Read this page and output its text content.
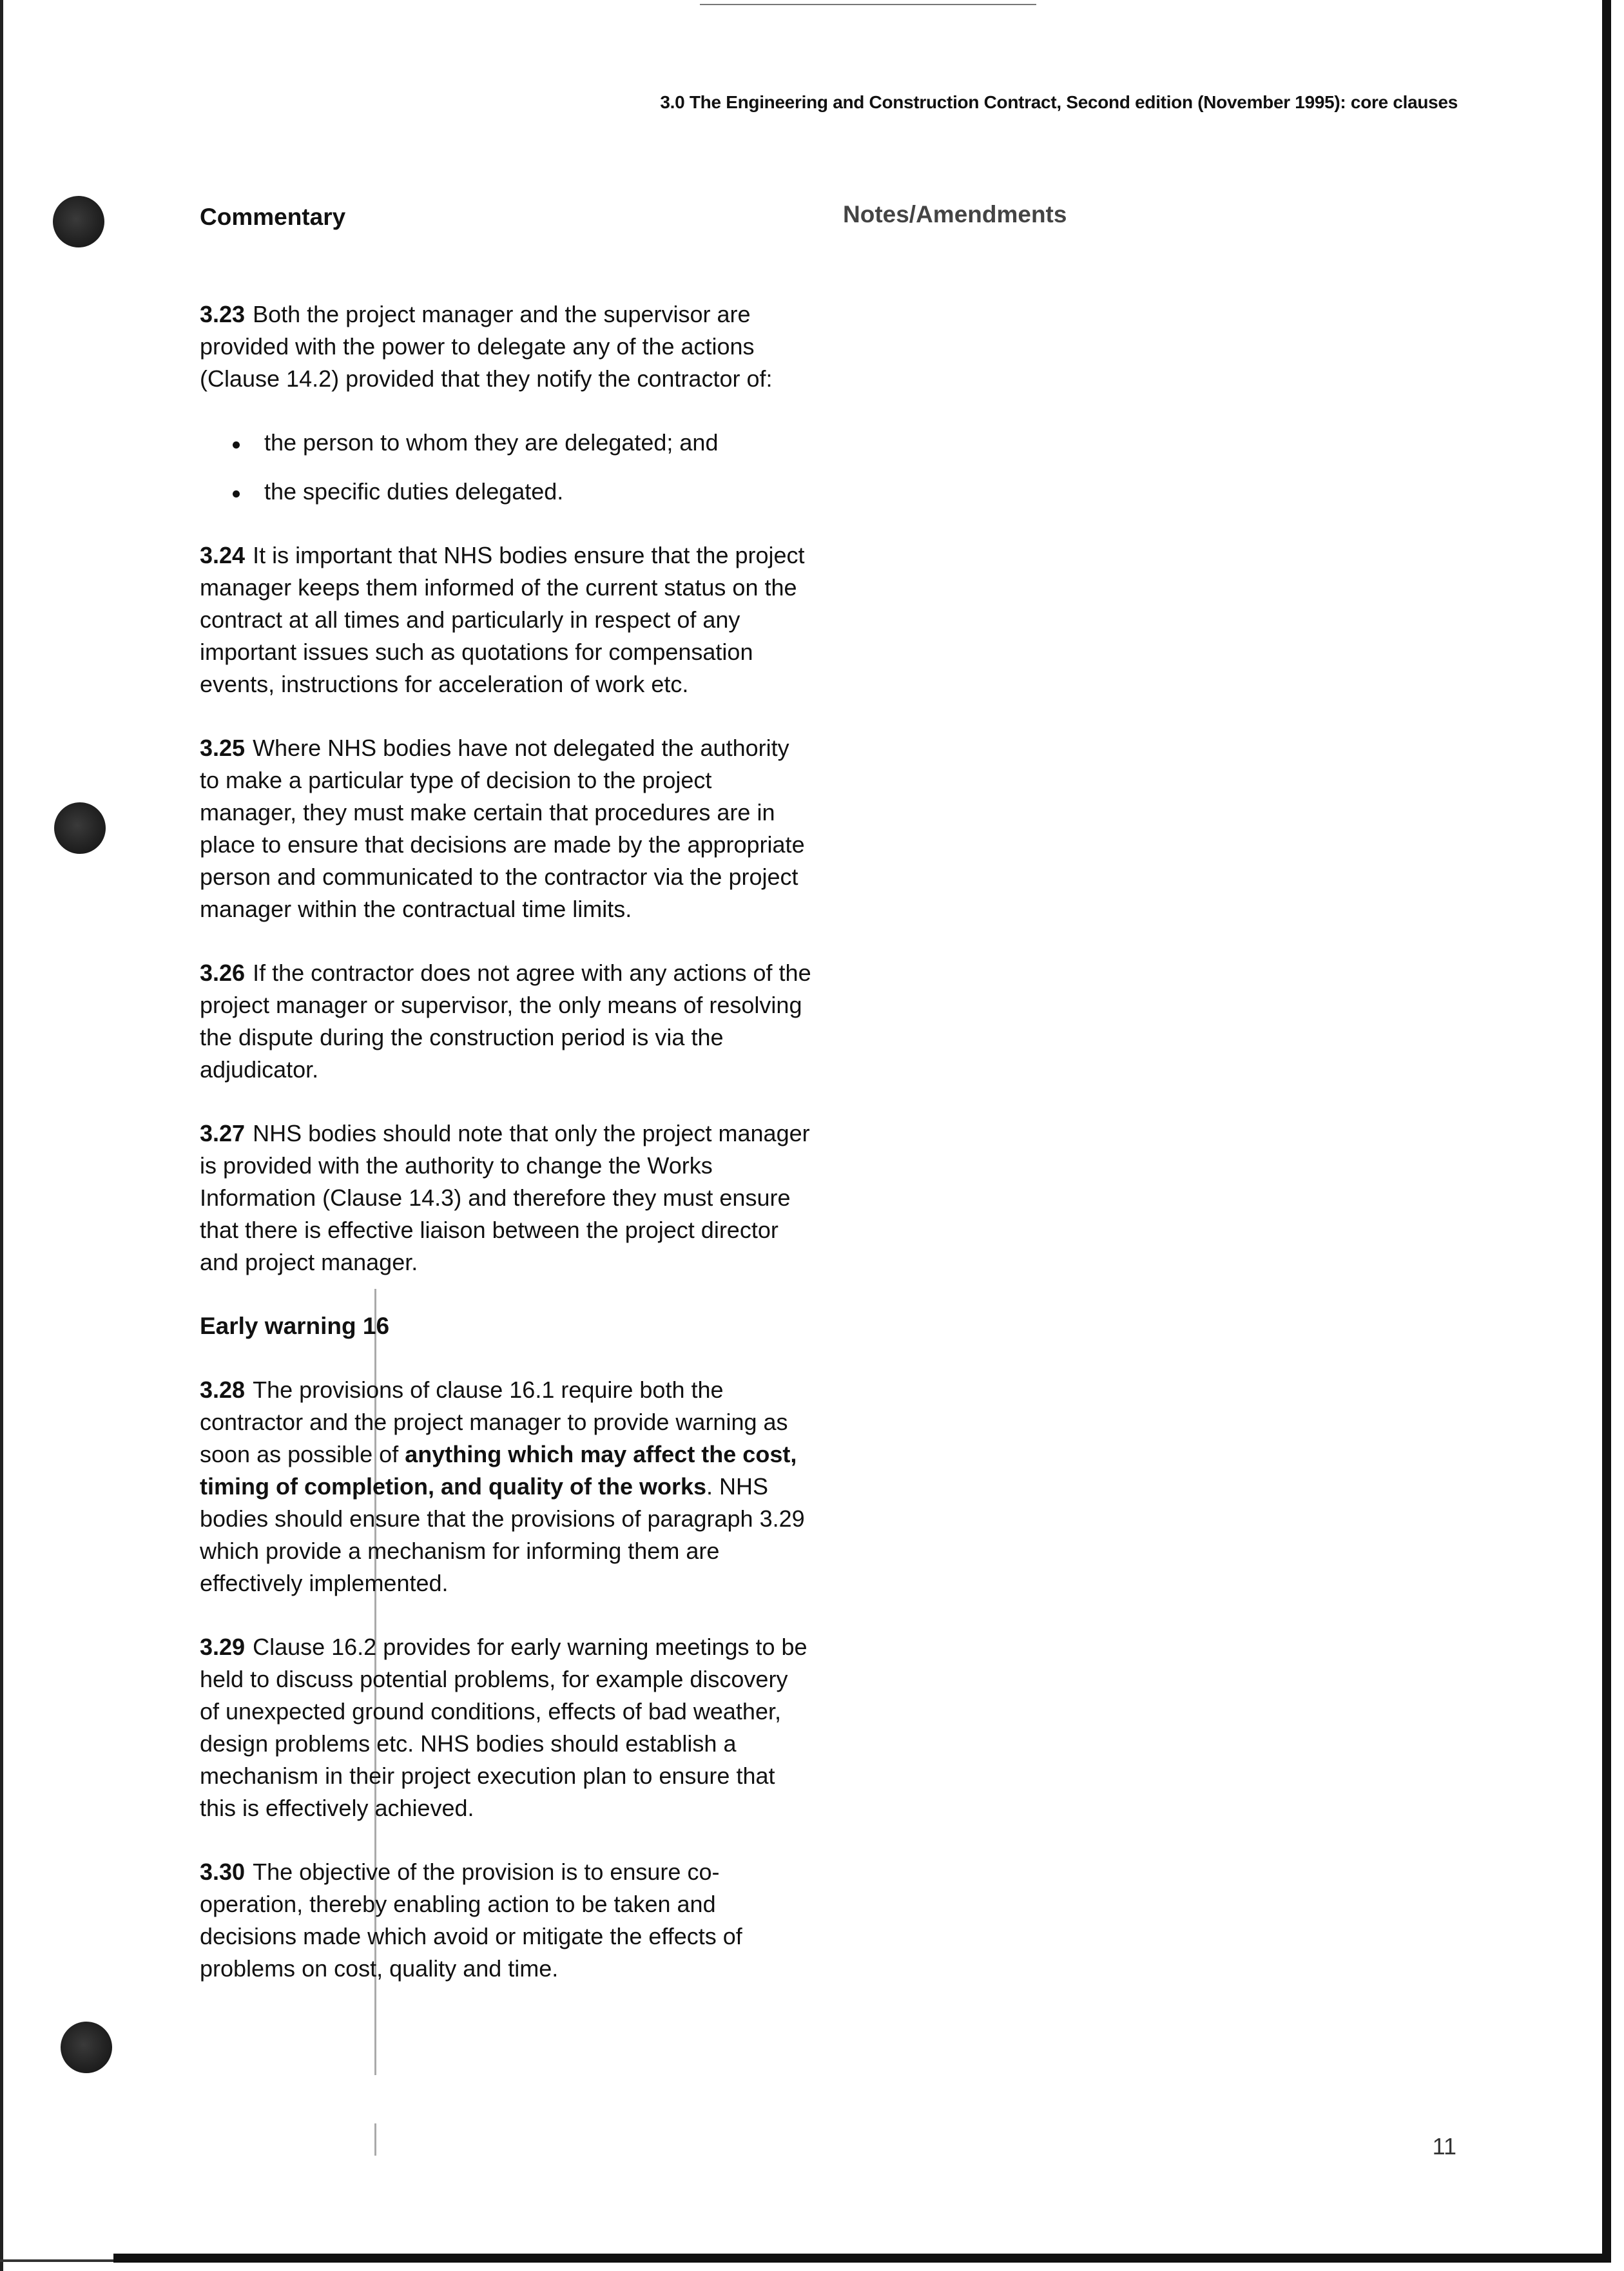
3.0 The Engineering and Construction Contract, Second edition (November 1995): core clauses
Commentary	Notes/Amendments

3.23 Both the project manager and the supervisor are provided with the power to delegate any of the actions (Clause 14.2) provided that they notify the contractor of:

the person to whom they are delegated; and
the specific duties delegated.

3.24 It is important that NHS bodies ensure that the project manager keeps them informed of the current status on the contract at all times and particularly in respect of any important issues such as quotations for compensation events, instructions for acceleration of work etc.

3.25 Where NHS bodies have not delegated the authority to make a particular type of decision to the project manager, they must make certain that procedures are in place to ensure that decisions are made by the appropriate person and communicated to the contractor via the project manager within the contractual time limits.

3.26 If the contractor does not agree with any actions of the project manager or supervisor, the only means of resolving the dispute during the construction period is via the adjudicator.

3.27 NHS bodies should note that only the project manager is provided with the authority to change the Works Information (Clause 14.3) and therefore they must ensure that there is effective liaison between the project director and project manager.

Early warning 16

3.28 The provisions of clause 16.1 require both the contractor and the project manager to provide warning as soon as possible of anything which may affect the cost, timing of completion, and quality of the works. NHS bodies should ensure that the provisions of paragraph 3.29 which provide a mechanism for informing them are effectively implemented.

3.29 Clause 16.2 provides for early warning meetings to be held to discuss potential problems, for example discovery of unexpected ground conditions, effects of bad weather, design problems etc. NHS bodies should establish a mechanism in their project execution plan to ensure that this is effectively achieved.

3.30 The objective of the provision is to ensure co-operation, thereby enabling action to be taken and decisions made which avoid or mitigate the effects of problems on cost, quality and time.

11
